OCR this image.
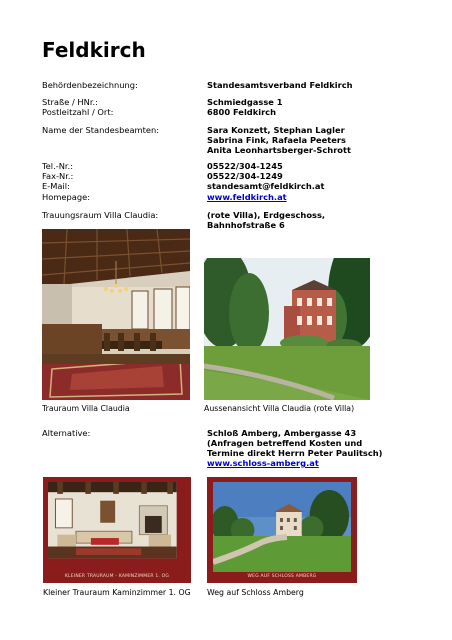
Feldkirch
Behördenbezeichnung:	Standesamtsverband Feldkirch
Straße / HNr.:	Schmiedgasse 1
Postleitzahl / Ort:	6800 Feldkirch
Name der Standesbeamten:	Sara Konzett, Stephan Lagler
Sabrina Fink, Rafaela Peeters
Anita Leonhartsberger-Schrott
Tel.-Nr.:	05522/304-1245
Fax-Nr.:	05522/304-1249
E-Mail:	standesamt@feldkirch.at
Homepage:	www.feldkirch.at
Trauungsraum Villa Claudia:	(rote Villa), Erdgeschoss,
Bahnhofstraße 6
Trauraum Villa Claudia	Aussenansicht Villa Claudia (rote Villa)
Alternative:	Schloß Amberg, Ambergasse 43
(Anfragen betreffend Kosten und
Termine direkt Herrn Peter Paulitsch)
www.schloss-amberg.at
KLEINER TRAURAUM - KAMINZIMMER 1. OG	WEG AUF SCHLOSS AMBERG
Kleiner Trauraum Kaminzimmer 1. OG Weg auf Schloss Amberg
